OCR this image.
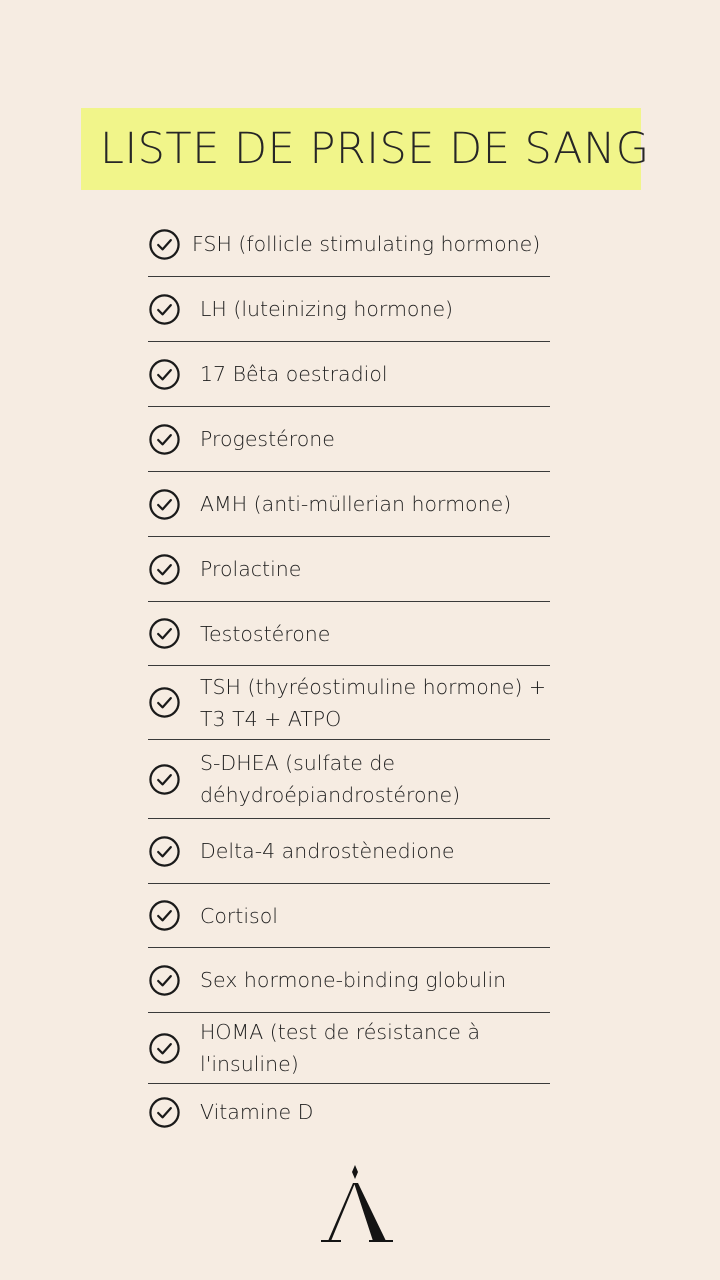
LISTE DE PRISE DE SANG
FSH (follicle stimulating hormone)
LH (luteinizing hormone)
17 Bêta oestradiol
Progestérone
AMH (anti-müllerian hormone)
Prolactine
Testostérone
TSH (thyréostimuline hormone) + T3 T4 + ATPO
S-DHEA (sulfate de déhydroépiandrostérone)
Delta-4 androstènedione
Cortisol
Sex hormone-binding globulin
HOMA (test de résistance à l'insuline)
Vitamine D
